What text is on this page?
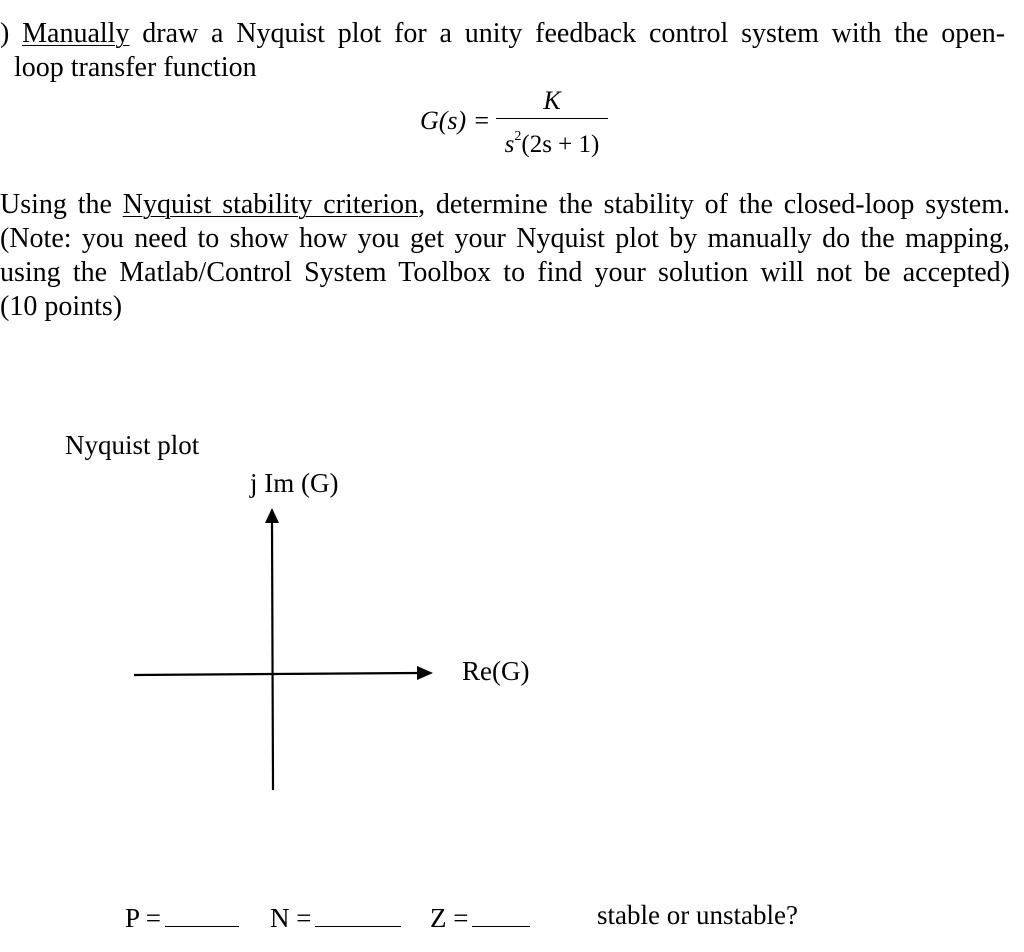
) Manually draw a Nyquist plot for a unity feedback control system with the open-
loop transfer function
G(s) =
K
$s^2(2s + 1)$
Using the Nyquist stability criterion, determine the stability of the closed-loop system.
(Note: you need to show how you get your Nyquist plot by manually do the mapping,
using the Matlab/Control System Toolbox to find your solution will not be accepted)
(10 points)
Nyquist plot
j Im (G)
Re(G)
P =	N =	Z =	stable or unstable?
